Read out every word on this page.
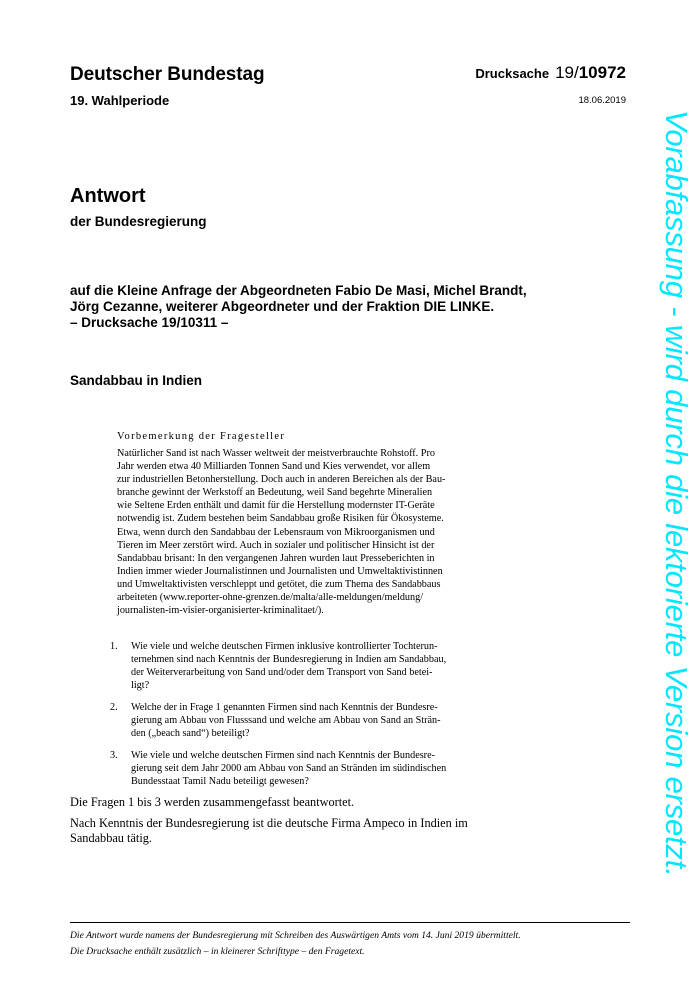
Deutscher Bundestag
19. Wahlperiode
Drucksache 19/10972
18.06.2019
Antwort
der Bundesregierung
auf die Kleine Anfrage der Abgeordneten Fabio De Masi, Michel Brandt,
Jörg Cezanne, weiterer Abgeordneter und der Fraktion DIE LINKE.
– Drucksache 19/10311 –
Sandabbau in Indien
Vorbemerkung der Fragesteller
Natürlicher Sand ist nach Wasser weltweit der meistverbrauchte Rohstoff. Pro
Jahr werden etwa 40 Milliarden Tonnen Sand und Kies verwendet, vor allem
zur industriellen Betonherstellung. Doch auch in anderen Bereichen als der Bau-
branche gewinnt der Werkstoff an Bedeutung, weil Sand begehrte Mineralien
wie Seltene Erden enthält und damit für die Herstellung modernster IT-Geräte
notwendig ist. Zudem bestehen beim Sandabbau große Risiken für Ökosysteme.
Etwa, wenn durch den Sandabbau der Lebensraum von Mikroorganismen und
Tieren im Meer zerstört wird. Auch in sozialer und politischer Hinsicht ist der
Sandabbau brisant: In den vergangenen Jahren wurden laut Presseberichten in
Indien immer wieder Journalistinnen und Journalisten und Umweltaktivistinnen
und Umweltaktivisten verschleppt und getötet, die zum Thema des Sandabbaus
arbeiteten (www.reporter-ohne-grenzen.de/malta/alle-meldungen/meldung/
journalisten-im-visier-organisierter-kriminalitaet/).
1. Wie viele und welche deutschen Firmen inklusive kontrollierter Tochterun-
ternehmen sind nach Kenntnis der Bundesregierung in Indien am Sandabbau,
der Weiterverarbeitung von Sand und/oder dem Transport von Sand betei-
ligt?
2. Welche der in Frage 1 genannten Firmen sind nach Kenntnis der Bundesre-
gierung am Abbau von Flusssand und welche am Abbau von Sand an Strän-
den („beach sand“) beteiligt?
3. Wie viele und welche deutschen Firmen sind nach Kenntnis der Bundesre-
gierung seit dem Jahr 2000 am Abbau von Sand an Stränden im südindischen
Bundesstaat Tamil Nadu beteiligt gewesen?
Die Fragen 1 bis 3 werden zusammengefasst beantwortet.
Nach Kenntnis der Bundesregierung ist die deutsche Firma Ampeco in Indien im
Sandabbau tätig.
Die Antwort wurde namens der Bundesregierung mit Schreiben des Auswärtigen Amts vom 14. Juni 2019 übermittelt.
Die Drucksache enthält zusätzlich – in kleinerer Schrifttype – den Fragetext.
Vorabfassung - wird durch die lektorierte Version ersetzt.
